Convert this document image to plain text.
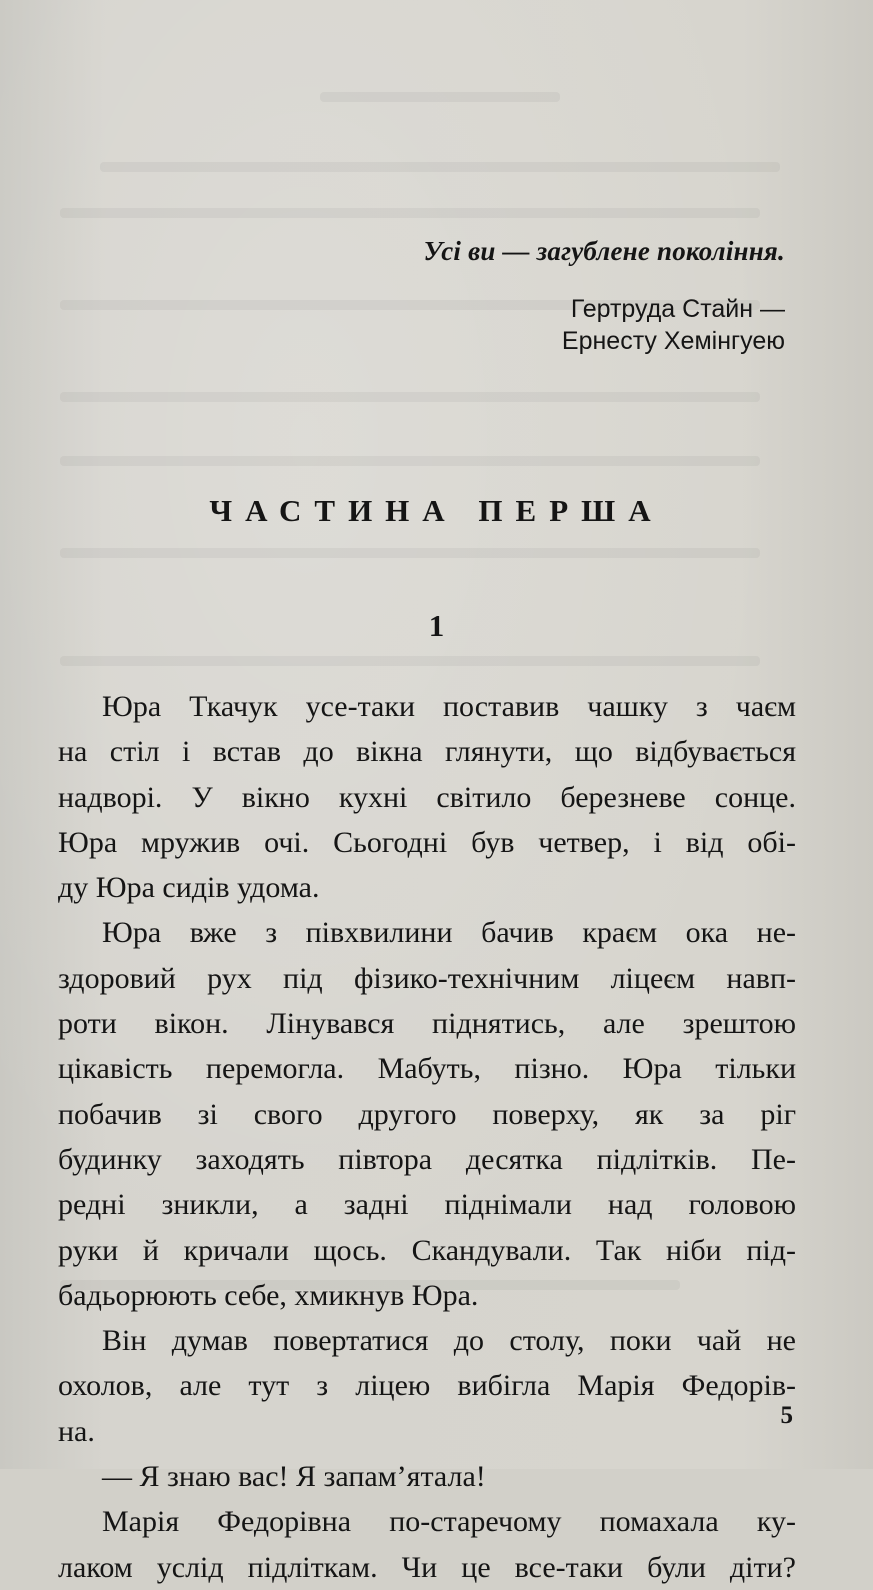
Усі ви — загублене покоління.

Гертруда Стайн —
Ернесту Хемінгуею
ЧАСТИНА ПЕРША
1

Юра Ткачук усе-таки поставив чашку з чаєм
на стіл і встав до вікна глянути, що відбувається
надворі. У вікно кухні світило березневе сонце.
Юра мружив очі. Сьогодні був четвер, і від обі-
ду Юра сидів удома.

Юра вже з півхвилини бачив краєм ока не-
здоровий рух під фізико-технічним ліцеєм навп-
роти вікон. Лінувався піднятись, але зрештою
цікавість перемогла. Мабуть, пізно. Юра тільки
побачив зі свого другого поверху, як за ріг
будинку заходять півтора десятка підлітків. Пе-
редні зникли, а задні піднімали над головою
руки й кричали щось. Скандували. Так ніби під-
бадьорюють себе, хмикнув Юра.

Він думав повертатися до столу, поки чай не
охолов, але тут з ліцею вибігла Марія Федорів-
на.

— Я знаю вас! Я запам’ятала!

Марія Федорівна по-старечому помахала ку-
лаком услід підліткам. Чи це все-таки були діти?

5
